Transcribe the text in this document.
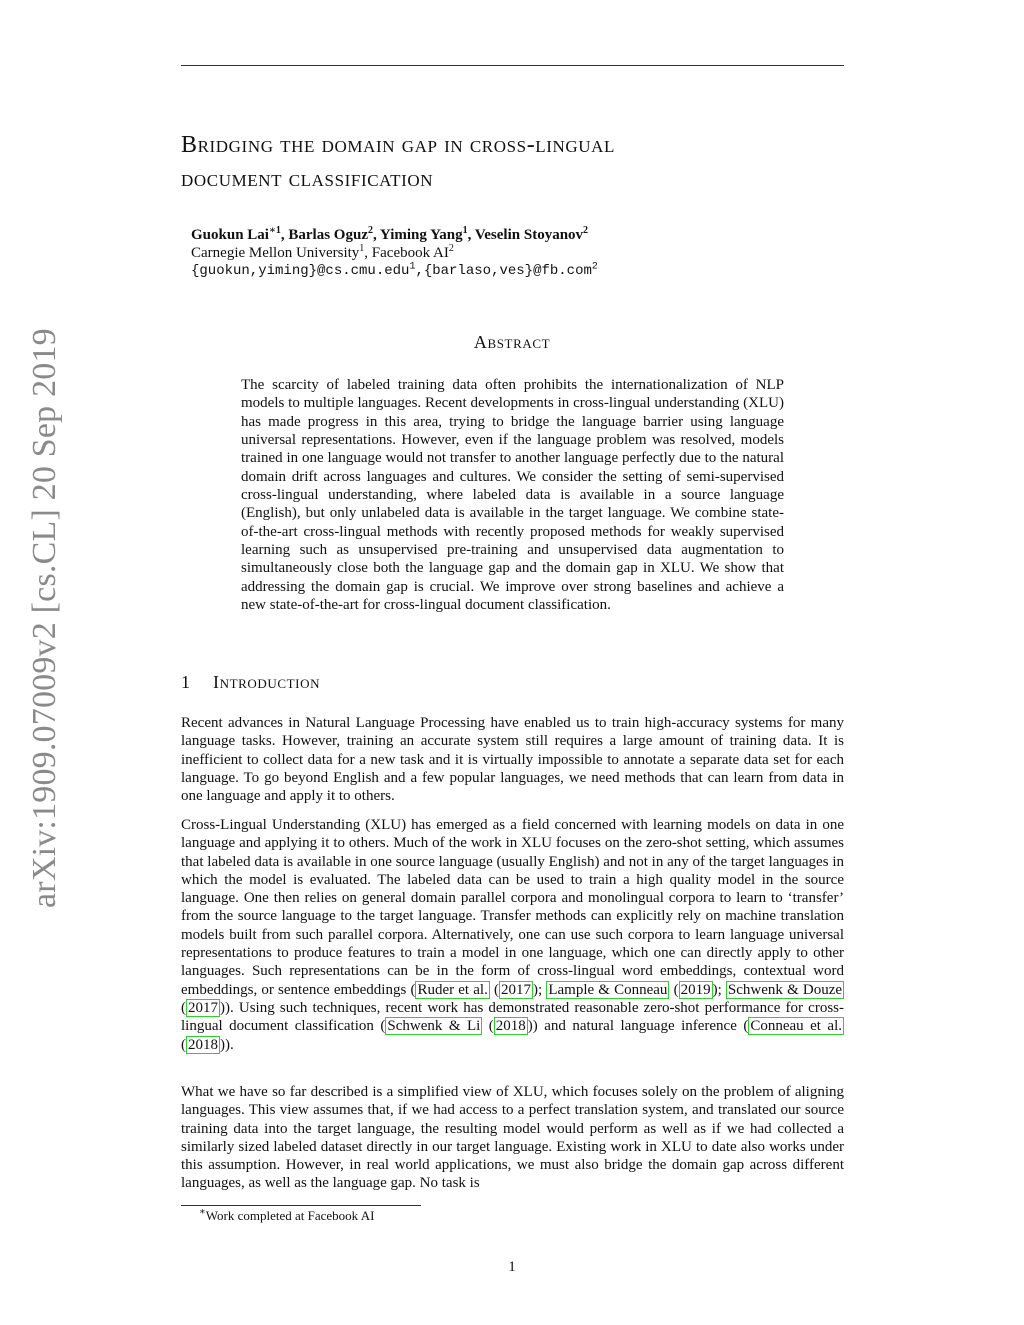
arXiv:1909.07009v2 [cs.CL] 20 Sep 2019
Bridging the domain gap in cross-lingual
document classification
Guokun Lai$^{∗1}$, Barlas Oguz$^2$, Yiming Yang$^1$, Veselin Stoyanov$^2$
Carnegie Mellon University$^1$, Facebook $AI^2$
{guokun,yiming}@cs.cmu.edu$^1$,{barlaso,ves}@fb.com$^2$
Abstract
The scarcity of labeled training data often prohibits the internationalization of NLP models to multiple languages. Recent developments in cross-lingual understanding (XLU) has made progress in this area, trying to bridge the language barrier using language universal representations. However, even if the language problem was resolved, models trained in one language would not transfer to another language perfectly due to the natural domain drift across languages and cultures. We consider the setting of semi-supervised cross-lingual understanding, where labeled data is available in a source language (English), but only unlabeled data is available in the target language. We combine state-of-the-art cross-lingual methods with recently proposed methods for weakly supervised learning such as unsupervised pre-training and unsupervised data augmentation to simultaneously close both the language gap and the domain gap in XLU. We show that addressing the domain gap is crucial. We improve over strong baselines and achieve a new state-of-the-art for cross-lingual document classification.
1 Introduction

Recent advances in Natural Language Processing have enabled us to train high-accuracy systems for many language tasks. However, training an accurate system still requires a large amount of training data. It is inefficient to collect data for a new task and it is virtually impossible to annotate a separate data set for each language. To go beyond English and a few popular languages, we need methods that can learn from data in one language and apply it to others.

Cross-Lingual Understanding (XLU) has emerged as a field concerned with learning models on data in one language and applying it to others. Much of the work in XLU focuses on the zero-shot setting, which assumes that labeled data is available in one source language (usually English) and not in any of the target languages in which the model is evaluated. The labeled data can be used to train a high quality model in the source language. One then relies on general domain parallel corpora and monolingual corpora to learn to ‘transfer’ from the source language to the target language. Transfer methods can explicitly rely on machine translation models built from such parallel corpora. Alternatively, one can use such corpora to learn language universal representations to produce features to train a model in one language, which one can directly apply to other languages. Such representations can be in the form of cross-lingual word embeddings, contextual word embeddings, or sentence embeddings ( Ruder et al. ( 2017 ); Lample & Conneau ( 2019 ); Schwenk & Douze ( 2017 )). Using such techniques, recent work has demonstrated reasonable zero-shot performance for cross-lingual document classification ( Schwenk & Li ( 2018 )) and natural language inference ( Conneau et al. ( 2018 )).

What we have so far described is a simplified view of XLU, which focuses solely on the problem of aligning languages. This view assumes that, if we had access to a perfect translation system, and translated our source training data into the target language, the resulting model would perform as well as if we had collected a similarly sized labeled dataset directly in our target language. Existing work in XLU to date also works under this assumption. However, in real world applications, we must also bridge the domain gap across different languages, as well as the language gap. No task is

∗Work completed at Facebook AI
1
